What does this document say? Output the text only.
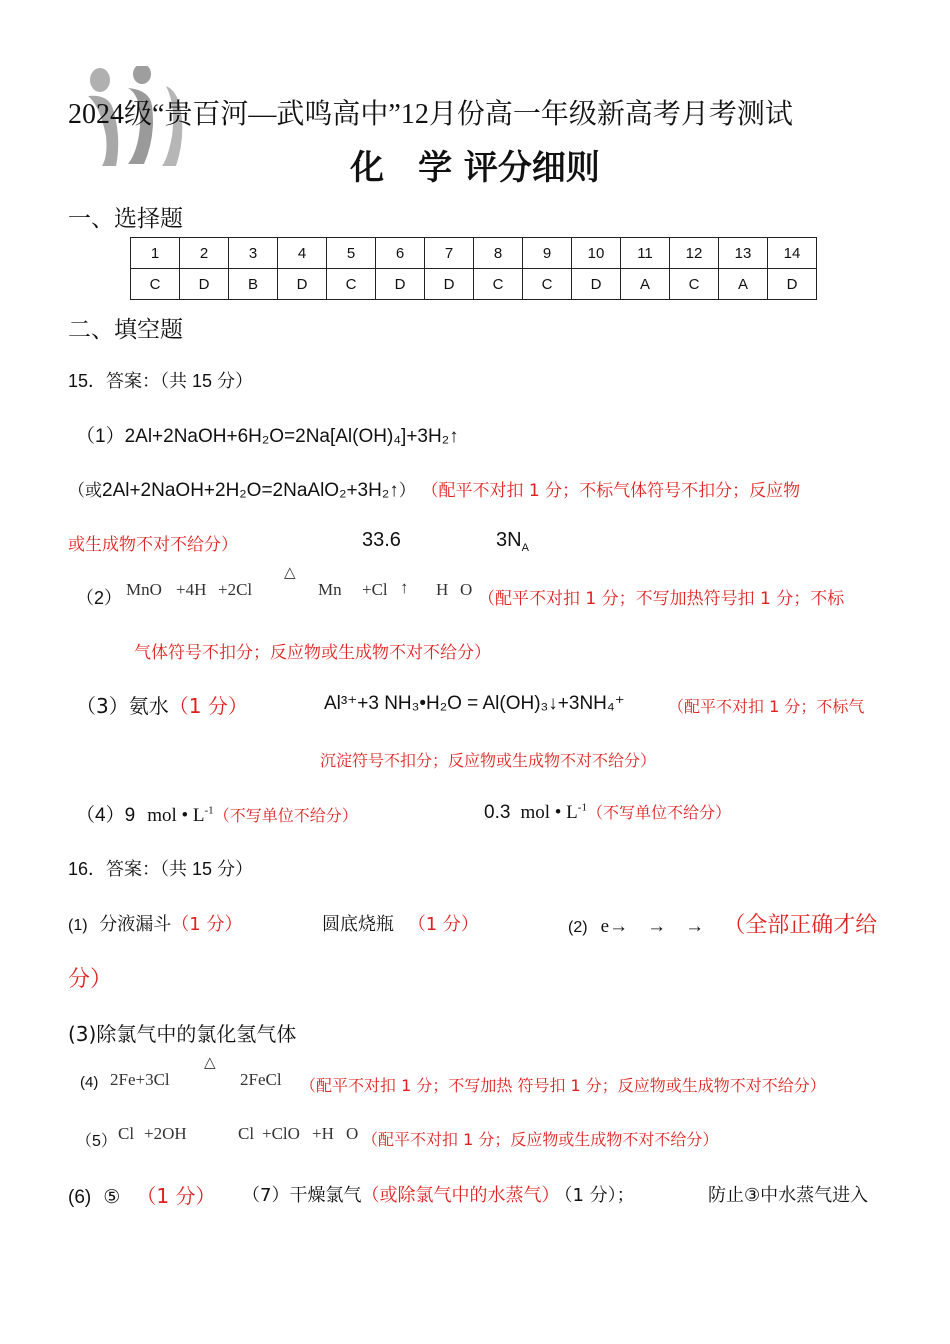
2024级“贵百河—武鸣高中”12月份高一年级新高考月考测试
化　学 评分细则
一、选择题
1	2	3	4	5	6	7	8	9	10	11	12	13	14
C	D	B	D	C	D	D	C	C	D	A	C	A	D
二、填空题
15．答案：（共 15 分）
（1）2Al+2NaOH+6H₂O=2Na[Al(OH)₄]+3H₂↑
（或2Al+2NaOH+2H₂O=2NaAlO₂+3H₂↑） （配平不对扣 1 分；不标气体符号不扣分；反应物
或生成物不对不给分）	33.6	$3N_A$
（2） MnO +4H +2Cl
△
Mn +Cl ↑ H O （配平不对扣 1 分；不写加热符号扣 1 分；不标
气体符号不扣分；反应物或生成物不对不给分）
（3）氨水（1 分）	Al³⁺+3 NH₃•H₂O = Al(OH)₃↓+3NH₄⁺	（配平不对扣 1 分；不标气
沉淀符号不扣分；反应物或生成物不对不给分）
（4）9 mol • $L^{-1}$（不写单位不给分）	0.3 mol • $L^{-1}$（不写单位不给分）
16．答案：（共 15 分）
(1) 分液漏斗（1 分）	圆底烧瓶 （1 分）	(2) e→　→　→ （全部正确才给
分）
(3)除氯气中的氯化氢气体
(4) 2Fe+3Cl
△
2FeCl （配平不对扣 1 分；不写加热 符号扣 1 分；反应物或生成物不对不给分）
（5） Cl +2OH	Cl +ClO +H O （配平不对扣 1 分；反应物或生成物不对不给分）
(6) ⑤ （1 分） （7）干燥氯气（或除氯气中的水蒸气） （1 分）；	防止③中水蒸气进入
